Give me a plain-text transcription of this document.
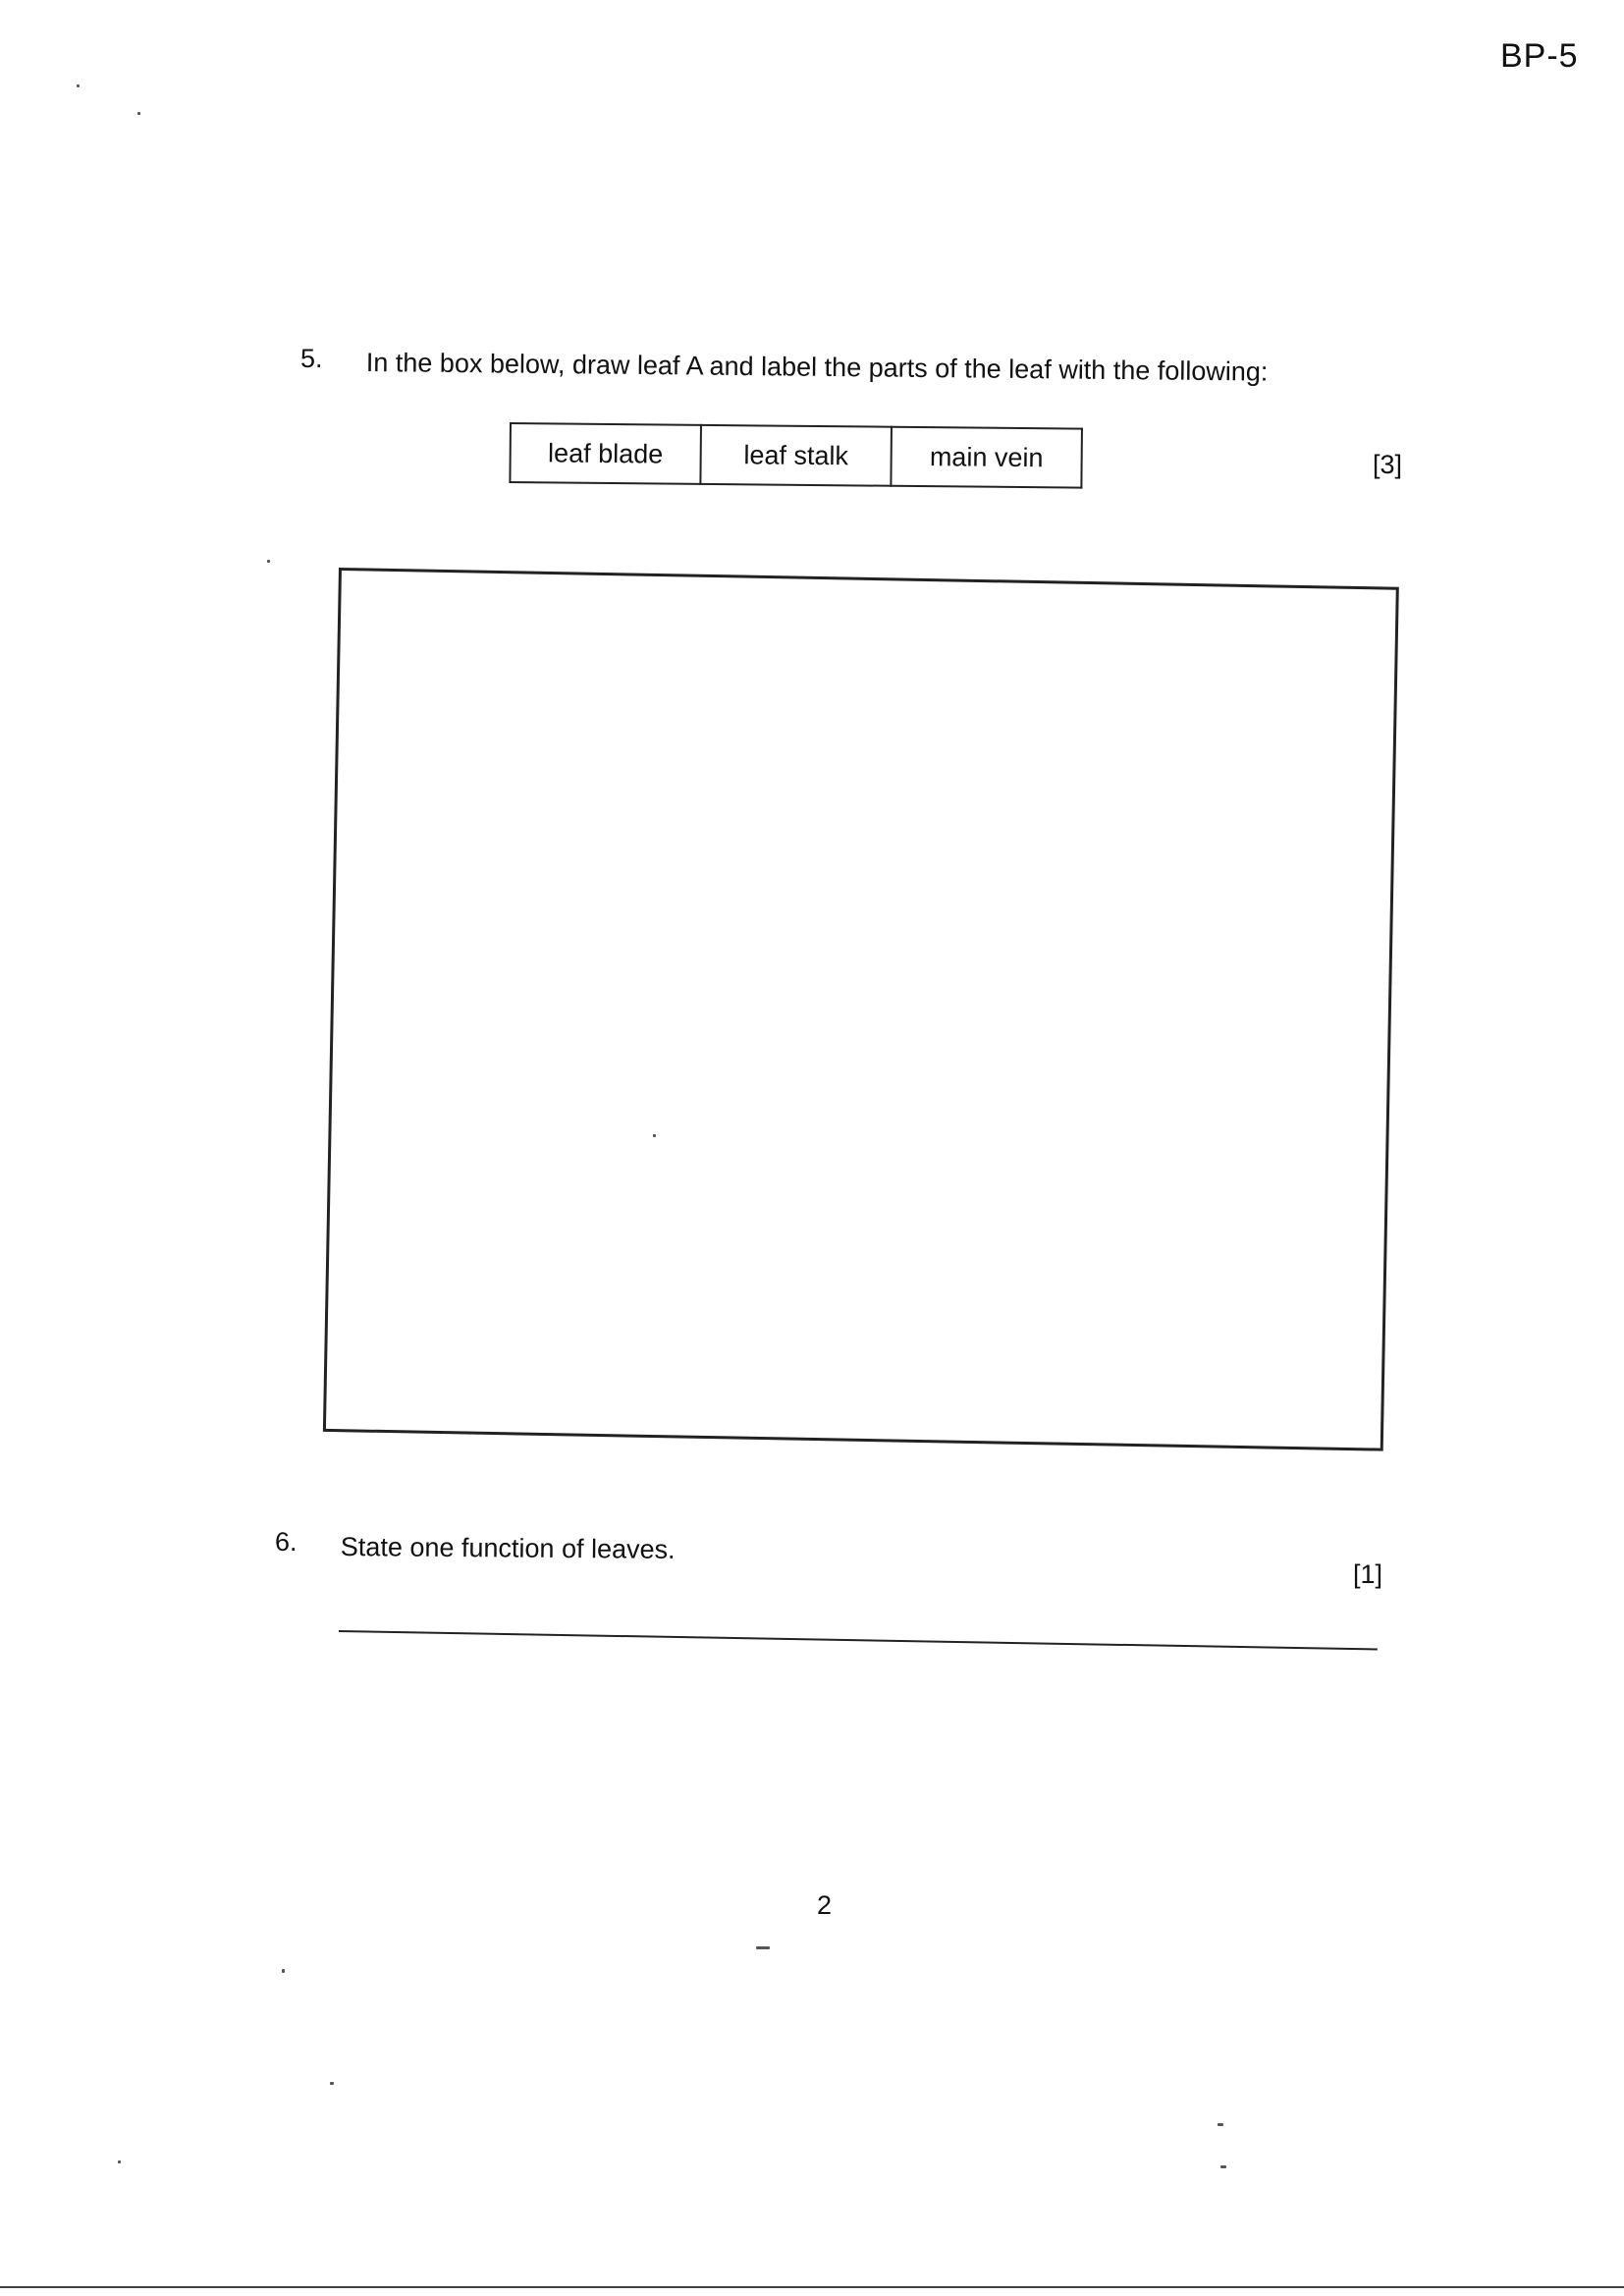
BP-5
5. In the box below, draw leaf A and label the parts of the leaf with the following:
leaf blade	leaf stalk	main vein	[3]
6. State one function of leaves.
[1]
2
